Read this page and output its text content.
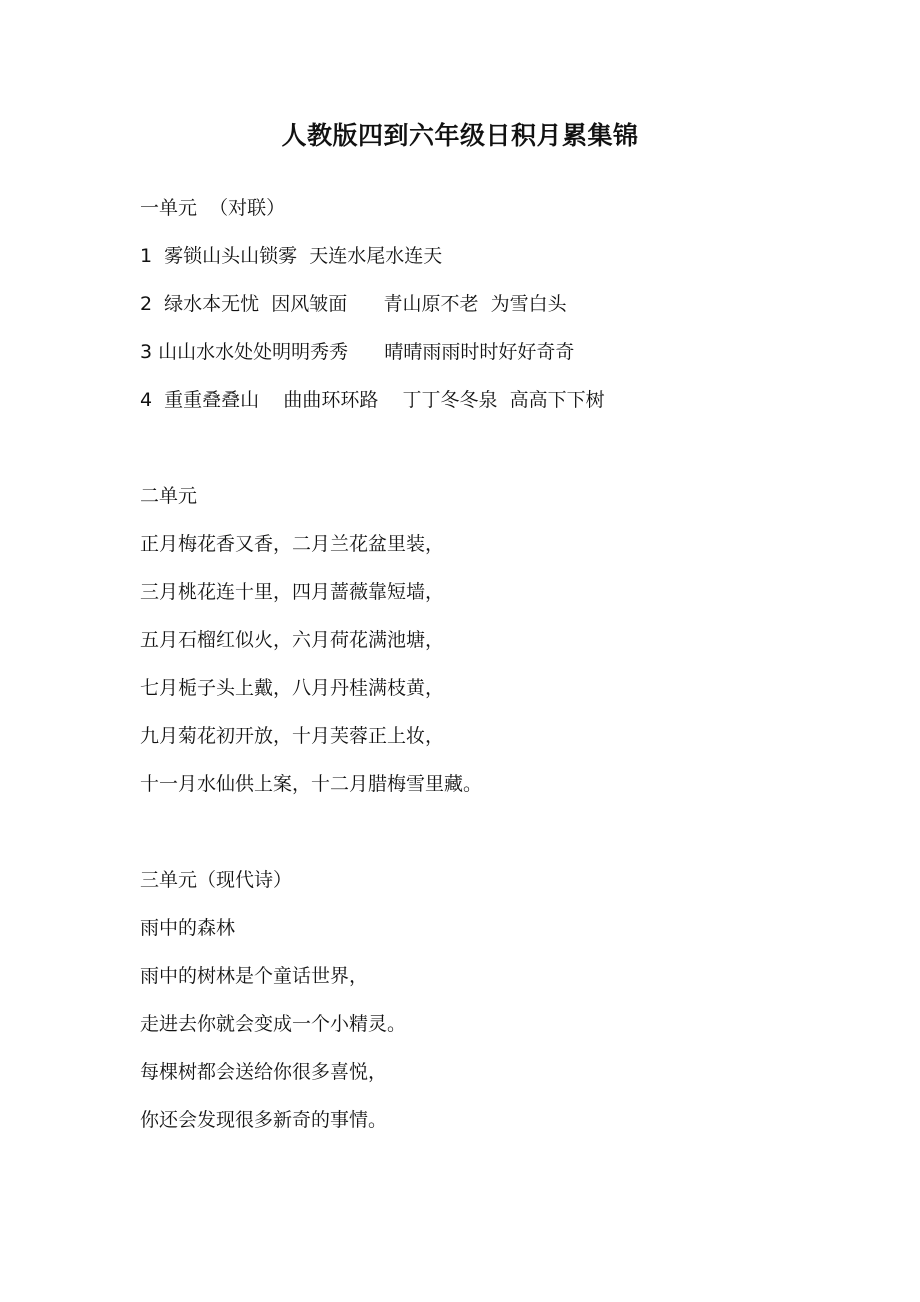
人教版四到六年级日积月累集锦
一单元  （对联）
1  雾锁山头山锁雾  天连水尾水连天
2  绿水本无忧  因风皱面      青山原不老  为雪白头
3 山山水水处处明明秀秀      晴晴雨雨时时好好奇奇
4  重重叠叠山    曲曲环环路    丁丁冬冬泉  高高下下树
二单元
正月梅花香又香，二月兰花盆里装，
三月桃花连十里，四月蔷薇靠短墙，
五月石榴红似火，六月荷花满池塘，
七月栀子头上戴，八月丹桂满枝黄，
九月菊花初开放，十月芙蓉正上妆，
十一月水仙供上案，十二月腊梅雪里藏。
三单元（现代诗）
雨中的森林
雨中的树林是个童话世界，
走进去你就会变成一个小精灵。
每棵树都会送给你很多喜悦，
你还会发现很多新奇的事情。
